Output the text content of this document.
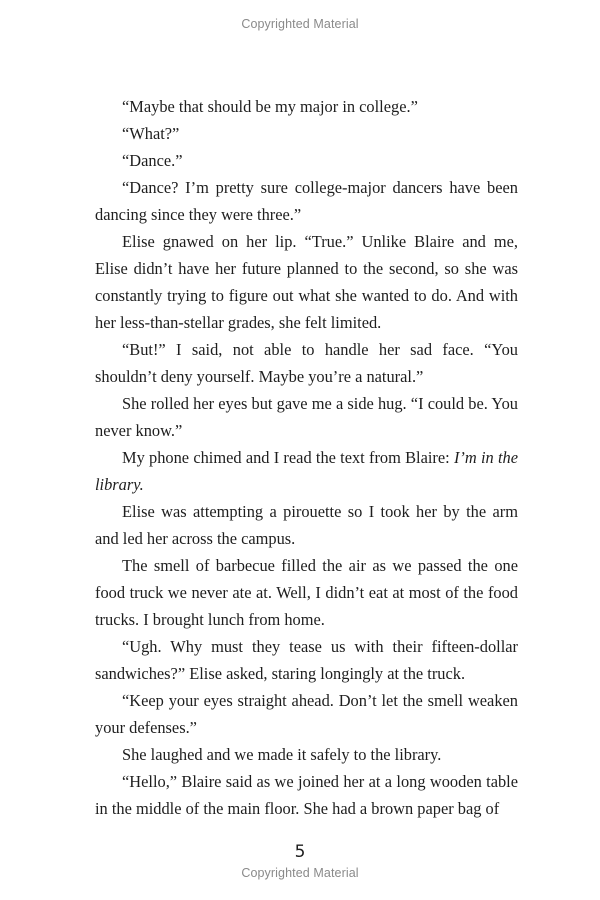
Copyrighted Material

“Maybe that should be my major in college.”

“What?”

“Dance.”

“Dance? I’m pretty sure college-major dancers have been dancing since they were three.”

Elise gnawed on her lip. “True.” Unlike Blaire and me, Elise didn’t have her future planned to the second, so she was constantly trying to figure out what she wanted to do. And with her less-than-stellar grades, she felt limited.

“But!” I said, not able to handle her sad face. “You shouldn’t deny yourself. Maybe you’re a natural.”

She rolled her eyes but gave me a side hug. “I could be. You never know.”

My phone chimed and I read the text from Blaire: I’m in the library.

Elise was attempting a pirouette so I took her by the arm and led her across the campus.

The smell of barbecue filled the air as we passed the one food truck we never ate at. Well, I didn’t eat at most of the food trucks. I brought lunch from home.

“Ugh. Why must they tease us with their fifteen-dollar sandwiches?” Elise asked, staring longingly at the truck.

“Keep your eyes straight ahead. Don’t let the smell weaken your defenses.”

She laughed and we made it safely to the library.

“Hello,” Blaire said as we joined her at a long wooden table in the middle of the main floor. She had a brown paper bag of

5
Copyrighted Material
